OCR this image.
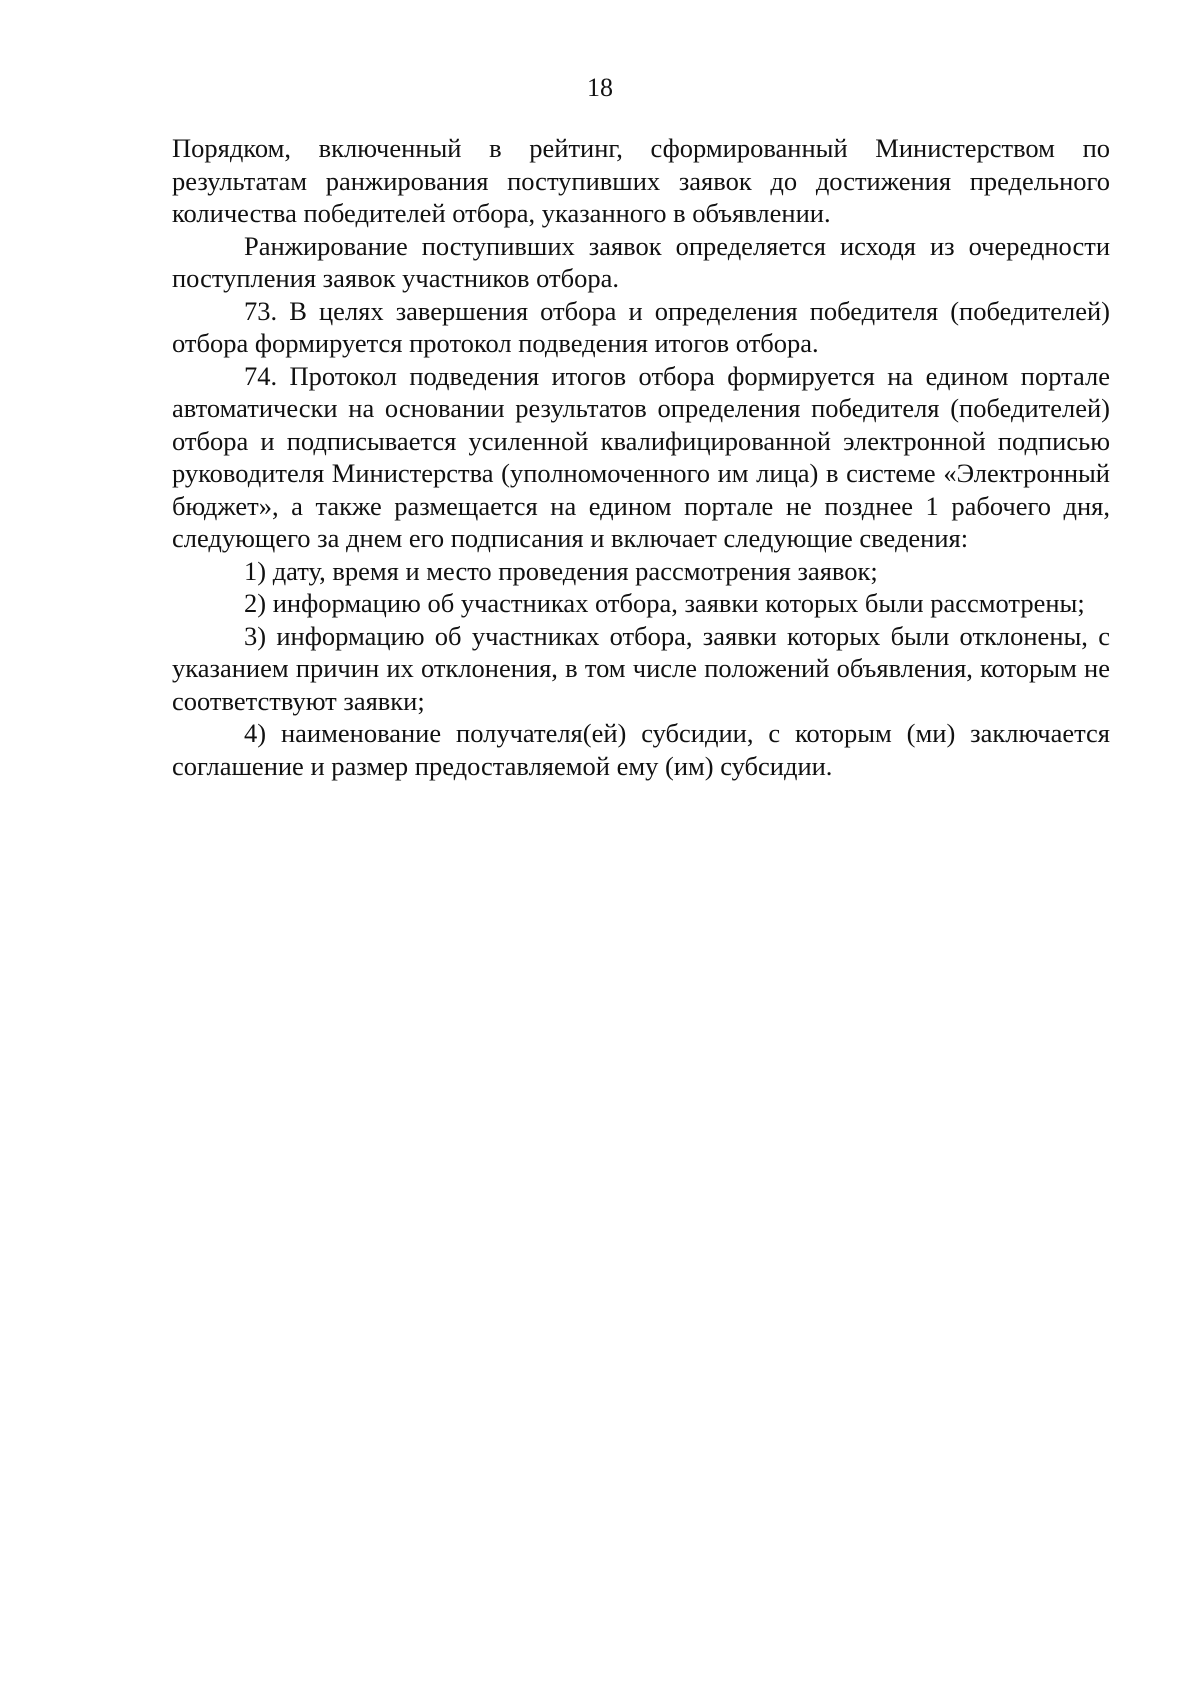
18

Порядком, включенный в рейтинг, сформированный Министерством по результатам ранжирования поступивших заявок до достижения предельного количества победителей отбора, указанного в объявлении.

Ранжирование поступивших заявок определяется исходя из очередности поступления заявок участников отбора.

73. В целях завершения отбора и определения победителя (победителей) отбора формируется протокол подведения итогов отбора.

74. Протокол подведения итогов отбора формируется на едином портале автоматически на основании результатов определения победителя (победителей) отбора и подписывается усиленной квалифицированной электронной подписью руководителя Министерства (уполномоченного им лица) в системе «Электронный бюджет», а также размещается на едином портале не позднее 1 рабочего дня, следующего за днем его подписания и включает следующие сведения:

1) дату, время и место проведения рассмотрения заявок;

2) информацию об участниках отбора, заявки которых были рассмотрены;

3) информацию об участниках отбора, заявки которых были отклонены, с указанием причин их отклонения, в том числе положений объявления, которым не соответствуют заявки;

4) наименование получателя(ей) субсидии, с которым (ми) заключается соглашение и размер предоставляемой ему (им) субсидии.
